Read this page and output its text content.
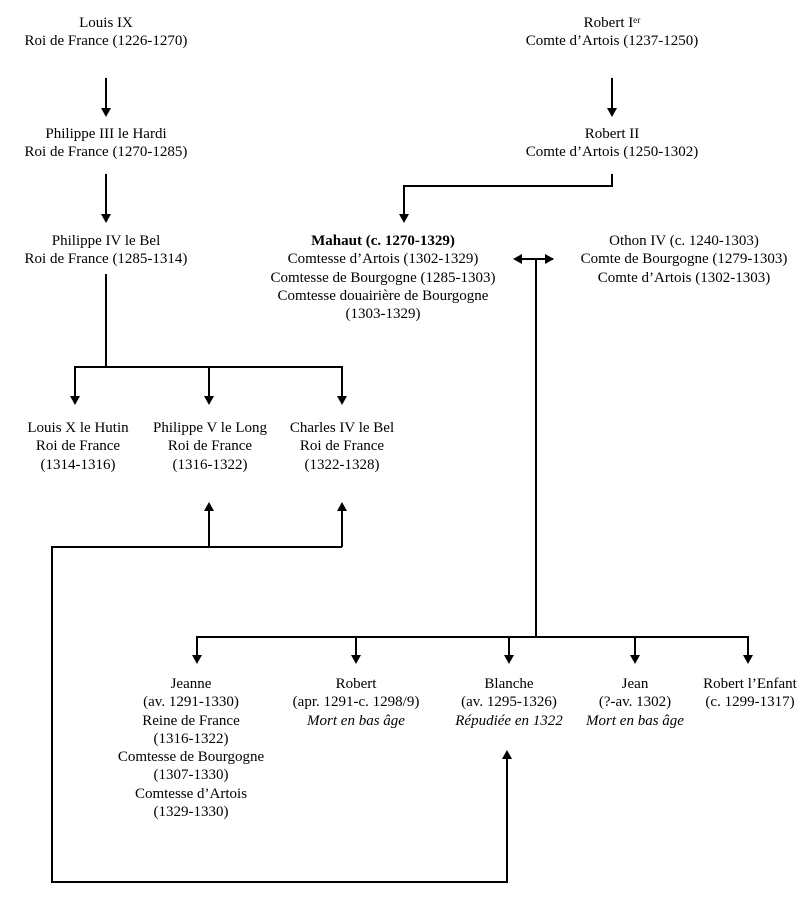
Louis IX
Roi de France (1226-1270)
Robert Iᵉʳ
Comte d’Artois (1237-1250)
Philippe III le Hardi
Roi de France (1270-1285)
Robert II
Comte d’Artois (1250-1302)
Philippe IV le Bel
Roi de France (1285-1314)
Mahaut (c. 1270-1329)
Comtesse d’Artois (1302-1329)
Comtesse de Bourgogne (1285-1303)
Comtesse douairière de Bourgogne
(1303-1329)
Othon IV (c. 1240-1303)
Comte de Bourgogne (1279-1303)
Comte d’Artois (1302-1303)
Louis X le Hutin
Roi de France
(1314-1316)
Philippe V le Long
Roi de France
(1316-1322)
Charles IV le Bel
Roi de France
(1322-1328)
Jeanne
(av. 1291-1330)
Reine de France
(1316-1322)
Comtesse de Bourgogne
(1307-1330)
Comtesse d’Artois
(1329-1330)
Robert
(apr. 1291-c. 1298/9)
Mort en bas âge
Blanche
(av. 1295-1326)
Répudiée en 1322
Jean
(?-av. 1302)
Mort en bas âge
Robert l’Enfant
(c. 1299-1317)
